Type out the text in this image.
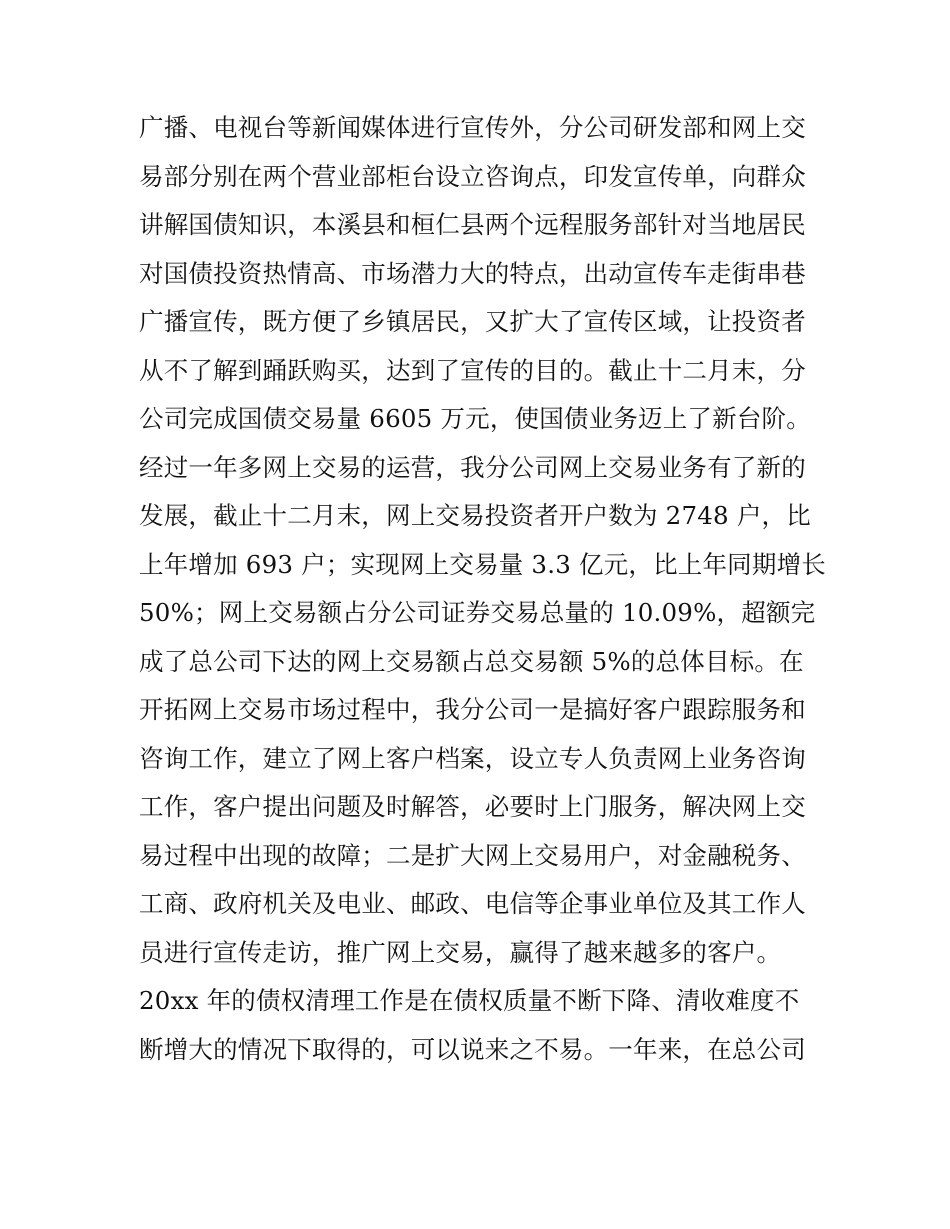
广播、电视台等新闻媒体进行宣传外，分公司研发部和网上交
易部分别在两个营业部柜台设立咨询点，印发宣传单，向群众
讲解国债知识，本溪县和桓仁县两个远程服务部针对当地居民
对国债投资热情高、市场潜力大的特点，出动宣传车走街串巷
广播宣传，既方便了乡镇居民，又扩大了宣传区域，让投资者
从不了解到踊跃购买，达到了宣传的目的。截止十二月末，分
公司完成国债交易量 6605 万元，使国债业务迈上了新台阶。
经过一年多网上交易的运营，我分公司网上交易业务有了新的
发展，截止十二月末，网上交易投资者开户数为 2748 户，比
上年增加 693 户；实现网上交易量 3.3 亿元，比上年同期增长
50%；网上交易额占分公司证券交易总量的 10.09%，超额完
成了总公司下达的网上交易额占总交易额 5%的总体目标。在
开拓网上交易市场过程中，我分公司一是搞好客户跟踪服务和
咨询工作，建立了网上客户档案，设立专人负责网上业务咨询
工作，客户提出问题及时解答，必要时上门服务，解决网上交
易过程中出现的故障；二是扩大网上交易用户，对金融税务、
工商、政府机关及电业、邮政、电信等企事业单位及其工作人
员进行宣传走访，推广网上交易，赢得了越来越多的客户。
20xx 年的债权清理工作是在债权质量不断下降、清收难度不
断增大的情况下取得的，可以说来之不易。一年来，在总公司
